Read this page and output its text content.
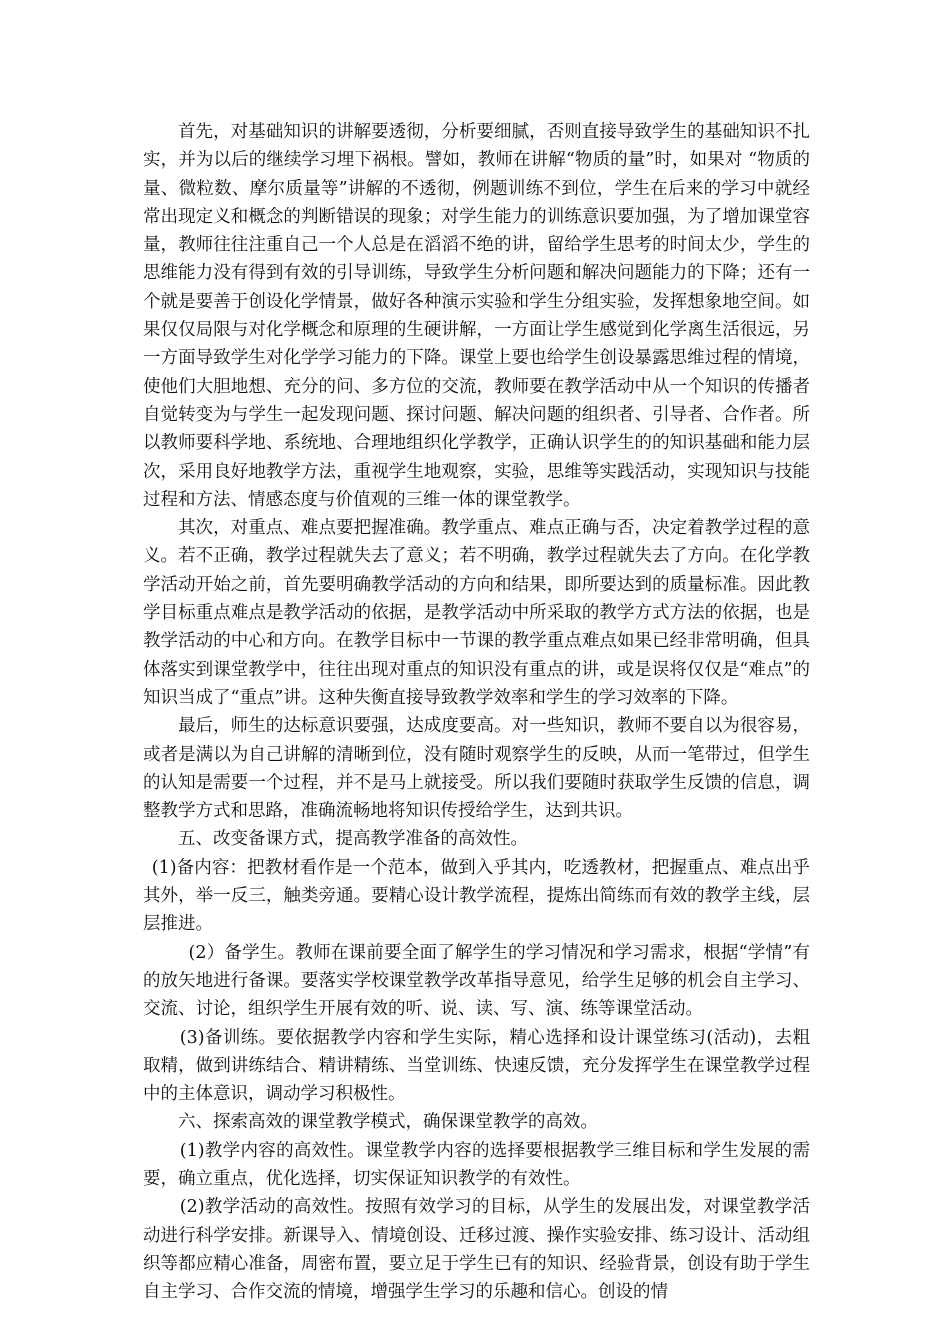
首先，对基础知识的讲解要透彻，分析要细腻，否则直接导致学生的基础知识不扎实，并为以后的继续学习埋下祸根。譬如，教师在讲解“物质的量”时，如果对 “物质的量、微粒数、摩尔质量等”讲解的不透彻，例题训练不到位，学生在后来的学习中就经常出现定义和概念的判断错误的现象；对学生能力的训练意识要加强，为了增加课堂容量，教师往往注重自己一个人总是在滔滔不绝的讲，留给学生思考的时间太少，学生的思维能力没有得到有效的引导训练，导致学生分析问题和解决问题能力的下降；还有一个就是要善于创设化学情景，做好各种演示实验和学生分组实验，发挥想象地空间。如果仅仅局限与对化学概念和原理的生硬讲解，一方面让学生感觉到化学离生活很远，另一方面导致学生对化学学习能力的下降。课堂上要也给学生创设暴露思维过程的情境，使他们大胆地想、充分的问、多方位的交流，教师要在教学活动中从一个知识的传播者自觉转变为与学生一起发现问题、探讨问题、解决问题的组织者、引导者、合作者。所以教师要科学地、系统地、合理地组织化学教学，正确认识学生的的知识基础和能力层次，采用良好地教学方法，重视学生地观察，实验，思维等实践活动，实现知识与技能过程和方法、情感态度与价值观的三维一体的课堂教学。

其次，对重点、难点要把握准确。教学重点、难点正确与否，决定着教学过程的意义。若不正确，教学过程就失去了意义；若不明确，教学过程就失去了方向。在化学教学活动开始之前，首先要明确教学活动的方向和结果，即所要达到的质量标准。因此教学目标重点难点是教学活动的依据，是教学活动中所采取的教学方式方法的依据，也是教学活动的中心和方向。在教学目标中一节课的教学重点难点如果已经非常明确，但具体落实到课堂教学中，往往出现对重点的知识没有重点的讲，或是误将仅仅是“难点”的知识当成了“重点”讲。这种失衡直接导致教学效率和学生的学习效率的下降。

最后，师生的达标意识要强，达成度要高。对一些知识，教师不要自以为很容易，或者是满以为自己讲解的清晰到位，没有随时观察学生的反映，从而一笔带过，但学生的认知是需要一个过程，并不是马上就接受。所以我们要随时获取学生反馈的信息，调整教学方式和思路，准确流畅地将知识传授给学生，达到共识。

五、改变备课方式，提高教学准备的高效性。

(1)备内容：把教材看作是一个范本，做到入乎其内，吃透教材，把握重点、难点出乎其外，举一反三，触类旁通。要精心设计教学流程，提炼出简练而有效的教学主线，层层推进。

(2）备学生。教师在课前要全面了解学生的学习情况和学习需求，根据“学情”有的放矢地进行备课。要落实学校课堂教学改革指导意见，给学生足够的机会自主学习、交流、讨论，组织学生开展有效的听、说、读、写、演、练等课堂活动。

(3)备训练。要依据教学内容和学生实际，精心选择和设计课堂练习(活动)，去粗取精，做到讲练结合、精讲精练、当堂训练、快速反馈，充分发挥学生在课堂教学过程中的主体意识，调动学习积极性。

六、探索高效的课堂教学模式，确保课堂教学的高效。

(1)教学内容的高效性。课堂教学内容的选择要根据教学三维目标和学生发展的需要，确立重点，优化选择，切实保证知识教学的有效性。

(2)教学活动的高效性。按照有效学习的目标，从学生的发展出发，对课堂教学活动进行科学安排。新课导入、情境创设、迁移过渡、操作实验安排、练习设计、活动组织等都应精心准备，周密布置，要立足于学生已有的知识、经验背景，创设有助于学生自主学习、合作交流的情境，增强学生学习的乐趣和信心。创设的情
